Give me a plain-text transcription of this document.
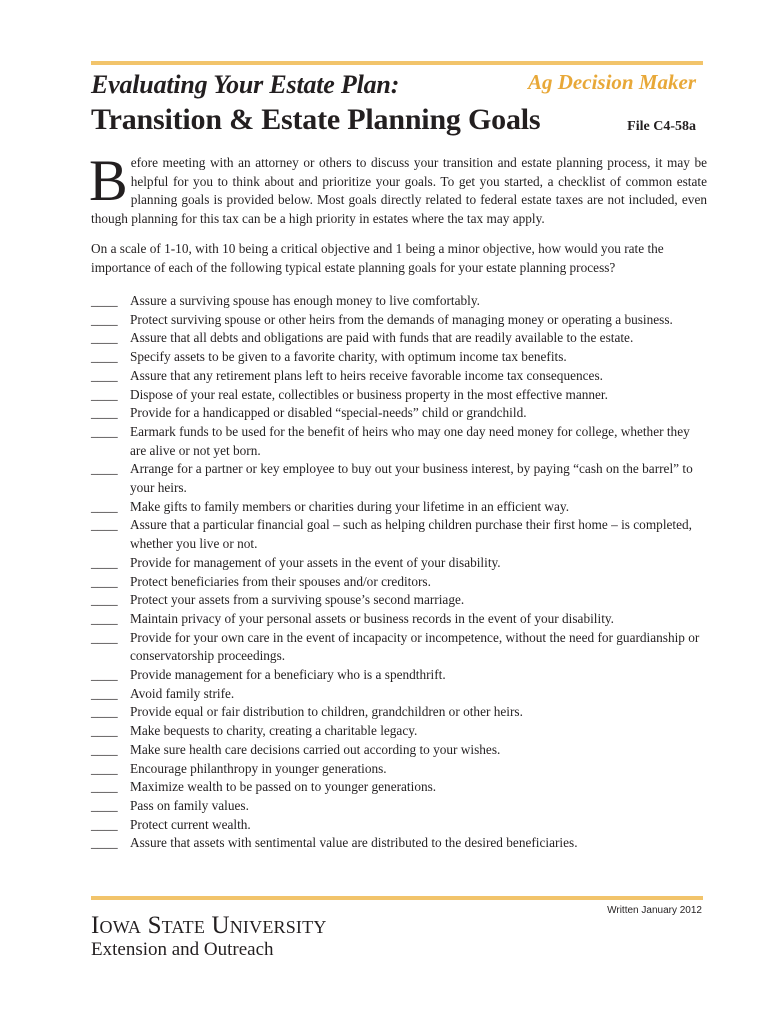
Evaluating Your Estate Plan:	Ag Decision Maker
Transition & Estate Planning Goals	File C4-58a
Before meeting with an attorney or others to discuss your transition and estate planning process, it may be helpful for you to think about and prioritize your goals. To get you started, a checklist of common estate planning goals is provided below. Most goals directly related to federal estate taxes are not included, even though planning for this tax can be a high priority in estates where the tax may apply.
On a scale of 1-10, with 10 being a critical objective and 1 being a minor objective, how would you rate the importance of each of the following typical estate planning goals for your estate planning process?
____ Assure a surviving spouse has enough money to live comfortably.
____ Protect surviving spouse or other heirs from the demands of managing money or operating a business.
____ Assure that all debts and obligations are paid with funds that are readily available to the estate.
____ Specify assets to be given to a favorite charity, with optimum income tax benefits.
____ Assure that any retirement plans left to heirs receive favorable income tax consequences.
____ Dispose of your real estate, collectibles or business property in the most effective manner.
____ Provide for a handicapped or disabled “special-needs” child or grandchild.
____ Earmark funds to be used for the benefit of heirs who may one day need money for college, whether they are alive or not yet born.
____ Arrange for a partner or key employee to buy out your business interest, by paying “cash on the barrel” to your heirs.
____ Make gifts to family members or charities during your lifetime in an efficient way.
____ Assure that a particular financial goal – such as helping children purchase their first home – is completed, whether you live or not.
____ Provide for management of your assets in the event of your disability.
____ Protect beneficiaries from their spouses and/or creditors.
____ Protect your assets from a surviving spouse’s second marriage.
____ Maintain privacy of your personal assets or business records in the event of your disability.
____ Provide for your own care in the event of incapacity or incompetence, without the need for guardianship or conservatorship proceedings.
____ Provide management for a beneficiary who is a spendthrift.
____ Avoid family strife.
____ Provide equal or fair distribution to children, grandchildren or other heirs.
____ Make bequests to charity, creating a charitable legacy.
____ Make sure health care decisions carried out according to your wishes.
____ Encourage philanthropy in younger generations.
____ Maximize wealth to be passed on to younger generations.
____ Pass on family values.
____ Protect current wealth.
____ Assure that assets with sentimental value are distributed to the desired beneficiaries.
Written January 2012
Iowa State University
Extension and Outreach
